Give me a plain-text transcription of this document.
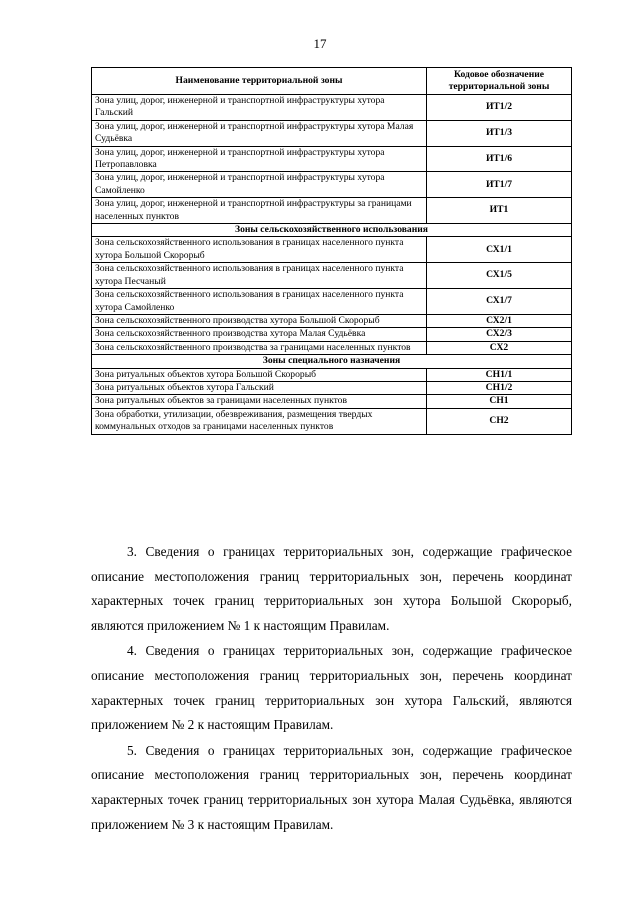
17
Наименование территориальной зоны	Кодовое обозначение территориальной зоны
Зона улиц, дорог, инженерной и транспортной инфраструктуры хутора Гальский	ИТ1/2
Зона улиц, дорог, инженерной и транспортной инфраструктуры хутора Малая Судьёвка	ИТ1/3
Зона улиц, дорог, инженерной и транспортной инфраструктуры хутора Петропавловка	ИТ1/6
Зона улиц, дорог, инженерной и транспортной инфраструктуры хутора Самойленко	ИТ1/7
Зона улиц, дорог, инженерной и транспортной инфраструктуры за границами населенных пунктов	ИТ1
Зоны сельскохозяйственного использования	
Зона сельскохозяйственного использования в границах населенного пункта хутора Большой Скорорыб	СХ1/1
Зона сельскохозяйственного использования в границах населенного пункта хутора Песчаный	СХ1/5
Зона сельскохозяйственного использования в границах населенного пункта хутора Самойленко	СХ1/7
Зона сельскохозяйственного производства хутора Большой Скорорыб	СХ2/1
Зона сельскохозяйственного производства хутора Малая Судьёвка	СХ2/3
Зона сельскохозяйственного производства за границами населенных пунктов	СХ2
Зоны специального назначения	
Зона ритуальных объектов хутора Большой Скорорыб	СН1/1
Зона ритуальных объектов хутора Гальский	СН1/2
Зона ритуальных объектов за границами населенных пунктов	СН1
Зона обработки, утилизации, обезвреживания, размещения твердых коммунальных отходов за границами населенных пунктов	СН2

3. Сведения о границах территориальных зон, содержащие графическое описание местоположения границ территориальных зон, перечень координат характерных точек границ территориальных зон хутора Большой Скорорыб, являются приложением № 1 к настоящим Правилам.

4. Сведения о границах территориальных зон, содержащие графическое описание местоположения границ территориальных зон, перечень координат характерных точек границ территориальных зон хутора Гальский, являются приложением № 2 к настоящим Правилам.

5. Сведения о границах территориальных зон, содержащие графическое описание местоположения границ территориальных зон, перечень координат характерных точек границ территориальных зон хутора Малая Судьёвка, являются приложением № 3 к настоящим Правилам.
